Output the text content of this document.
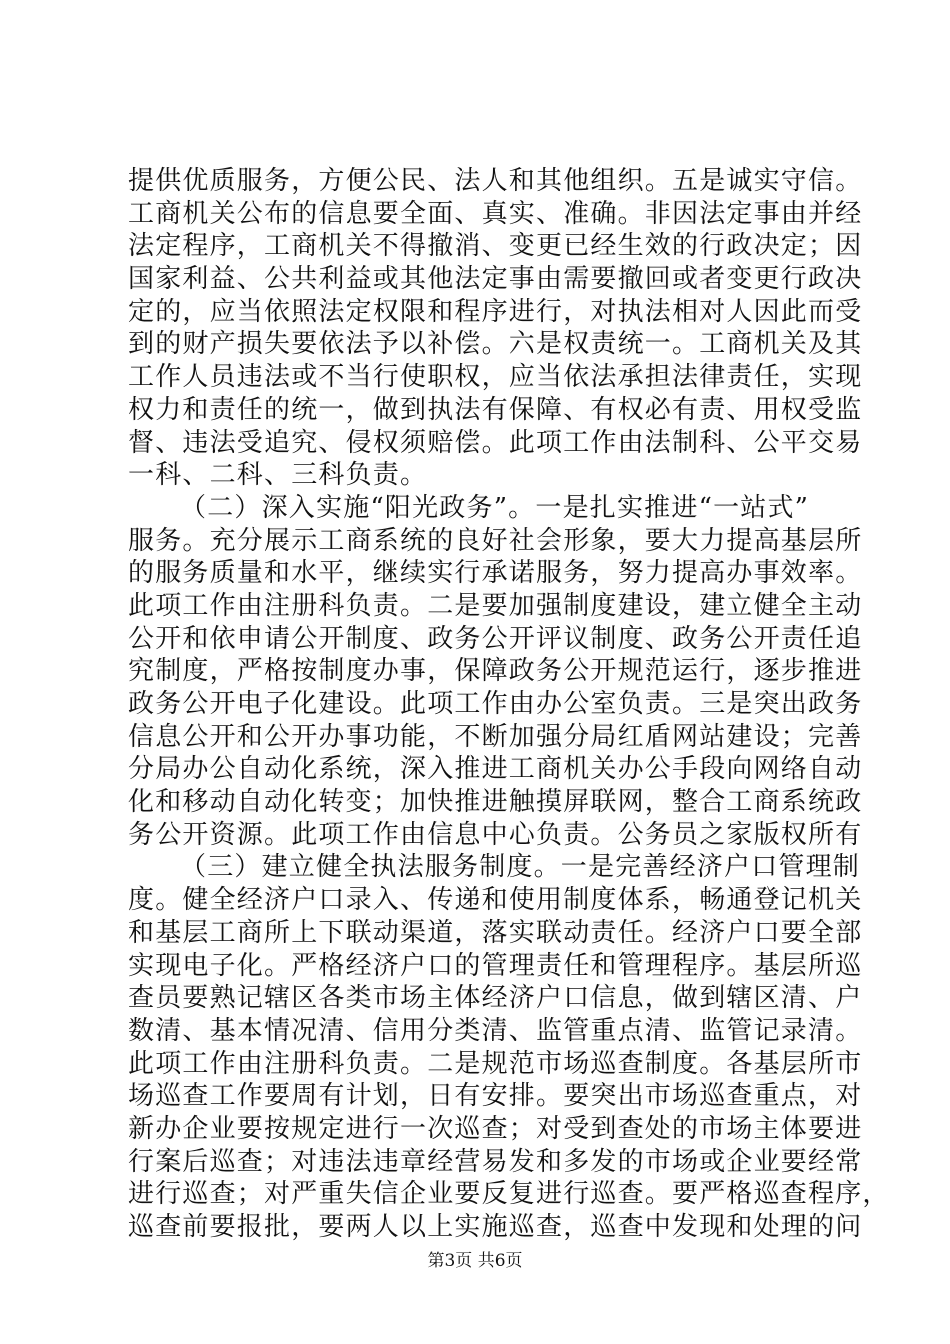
提供优质服务，方便公民、法人和其他组织。五是诚实守信。
工商机关公布的信息要全面、真实、准确。非因法定事由并经
法定程序，工商机关不得撤消、变更已经生效的行政决定；因
国家利益、公共利益或其他法定事由需要撤回或者变更行政决
定的，应当依照法定权限和程序进行，对执法相对人因此而受
到的财产损失要依法予以补偿。六是权责统一。工商机关及其
工作人员违法或不当行使职权，应当依法承担法律责任，实现
权力和责任的统一，做到执法有保障、有权必有责、用权受监
督、违法受追究、侵权须赔偿。此项工作由法制科、公平交易
一科、二科、三科负责。
（二）深入实施“阳光政务”。一是扎实推进“一站式”
服务。充分展示工商系统的良好社会形象，要大力提高基层所
的服务质量和水平，继续实行承诺服务，努力提高办事效率。
此项工作由注册科负责。二是要加强制度建设，建立健全主动
公开和依申请公开制度、政务公开评议制度、政务公开责任追
究制度，严格按制度办事，保障政务公开规范运行，逐步推进
政务公开电子化建设。此项工作由办公室负责。三是突出政务
信息公开和公开办事功能，不断加强分局红盾网站建设；完善
分局办公自动化系统，深入推进工商机关办公手段向网络自动
化和移动自动化转变；加快推进触摸屏联网，整合工商系统政
务公开资源。此项工作由信息中心负责。公务员之家版权所有
（三）建立健全执法服务制度。一是完善经济户口管理制
度。健全经济户口录入、传递和使用制度体系，畅通登记机关
和基层工商所上下联动渠道，落实联动责任。经济户口要全部
实现电子化。严格经济户口的管理责任和管理程序。基层所巡
查员要熟记辖区各类市场主体经济户口信息，做到辖区清、户
数清、基本情况清、信用分类清、监管重点清、监管记录清。
此项工作由注册科负责。二是规范市场巡查制度。各基层所市
场巡查工作要周有计划，日有安排。要突出市场巡查重点，对
新办企业要按规定进行一次巡查；对受到查处的市场主体要进
行案后巡查；对违法违章经营易发和多发的市场或企业要经常
进行巡查；对严重失信企业要反复进行巡查。要严格巡查程序，
巡查前要报批，要两人以上实施巡查，巡查中发现和处理的问
第3页 共6页
